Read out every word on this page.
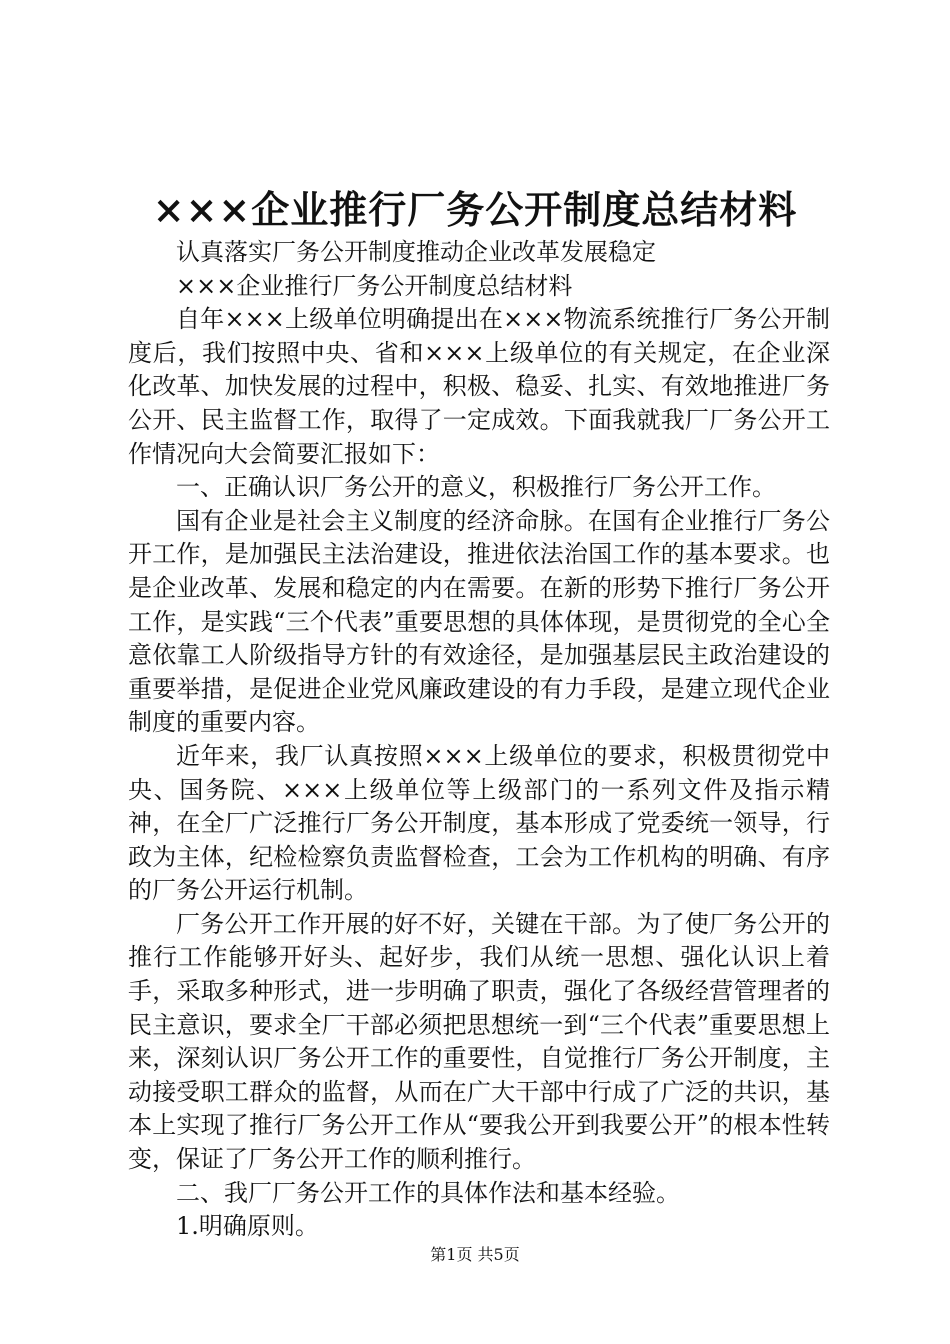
×××企业推行厂务公开制度总结材料

认真落实厂务公开制度推动企业改革发展稳定

×××企业推行厂务公开制度总结材料

自年×××上级单位明确提出在×××物流系统推行厂务公开制度后，我们按照中央、省和×××上级单位的有关规定，在企业深化改革、加快发展的过程中，积极、稳妥、扎实、有效地推进厂务公开、民主监督工作，取得了一定成效。下面我就我厂厂务公开工作情况向大会简要汇报如下：

一、正确认识厂务公开的意义，积极推行厂务公开工作。

国有企业是社会主义制度的经济命脉。在国有企业推行厂务公开工作，是加强民主法治建设，推进依法治国工作的基本要求。也是企业改革、发展和稳定的内在需要。在新的形势下推行厂务公开工作，是实践“三个代表”重要思想的具体体现，是贯彻党的全心全意依靠工人阶级指导方针的有效途径，是加强基层民主政治建设的重要举措，是促进企业党风廉政建设的有力手段，是建立现代企业制度的重要内容。

近年来，我厂认真按照×××上级单位的要求，积极贯彻党中央、国务院、×××上级单位等上级部门的一系列文件及指示精神，在全厂广泛推行厂务公开制度，基本形成了党委统一领导，行政为主体，纪检检察负责监督检查，工会为工作机构的明确、有序的厂务公开运行机制。

厂务公开工作开展的好不好，关键在干部。为了使厂务公开的推行工作能够开好头、起好步，我们从统一思想、强化认识上着手，采取多种形式，进一步明确了职责，强化了各级经营管理者的民主意识，要求全厂干部必须把思想统一到“三个代表”重要思想上来，深刻认识厂务公开工作的重要性，自觉推行厂务公开制度，主动接受职工群众的监督，从而在广大干部中行成了广泛的共识，基本上实现了推行厂务公开工作从“要我公开到我要公开”的根本性转变，保证了厂务公开工作的顺利推行。

二、我厂厂务公开工作的具体作法和基本经验。

1.明确原则。

第1页 共5页
